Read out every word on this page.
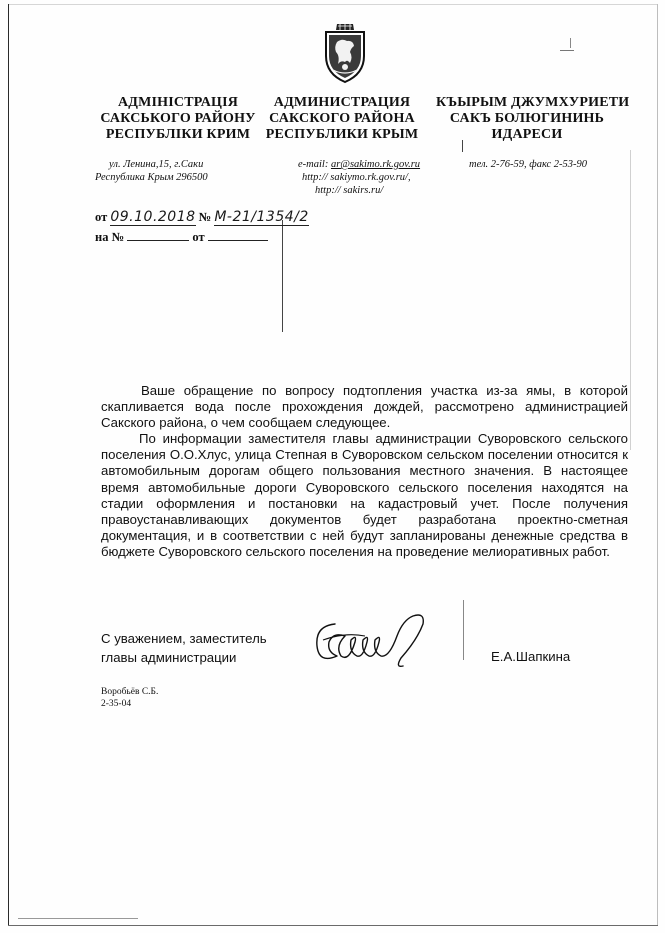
АДМІНІСТРАЦІЯ
САКСЬКОГО РАЙОНУ
РЕСПУБЛІКИ КРИМ
АДМИНИСТРАЦИЯ
САКСКОГО РАЙОНА
РЕСПУБЛИКИ КРЫМ
КЪЫРЫМ ДЖУМХУРИЕТИ
САКЪ БОЛЮГИНИНЬ
ИДАРЕСИ
ул. Ленина,15, г.Саки
Республика Крым 296500
e-mail: ar@sakimo.rk.gov.ru
http:// sakiymo.rk.gov.ru/,
http:// sakirs.ru/
тел. 2-76-59, факс 2-53-90
от 09.10.2018 № М-21/1354/2
на №	от

Ваше обращение по вопросу подтопления участка из-за ямы, в которой скапливается вода после прохождения дождей, рассмотрено администрацией Сакского района, о чем сообщаем следующее.

По информации заместителя главы администрации Суворовского сельского поселения О.О.Хлус, улица Степная в Суворовском сельском поселении относится к автомобильным дорогам общего пользования местного значения. В настоящее время автомобильные дороги Суворовского сельского поселения находятся на стадии оформления и постановки на кадастровый учет. После получения правоустанавливающих документов будет разработана проектно-сметная документация, и в соответствии с ней будут запланированы денежные средства в бюджете Суворовского сельского поселения на проведение мелиоративных работ.

С уважением, заместитель
главы администрации	Е.А.Шапкина
Воробьёв С.Б.
2-35-04
